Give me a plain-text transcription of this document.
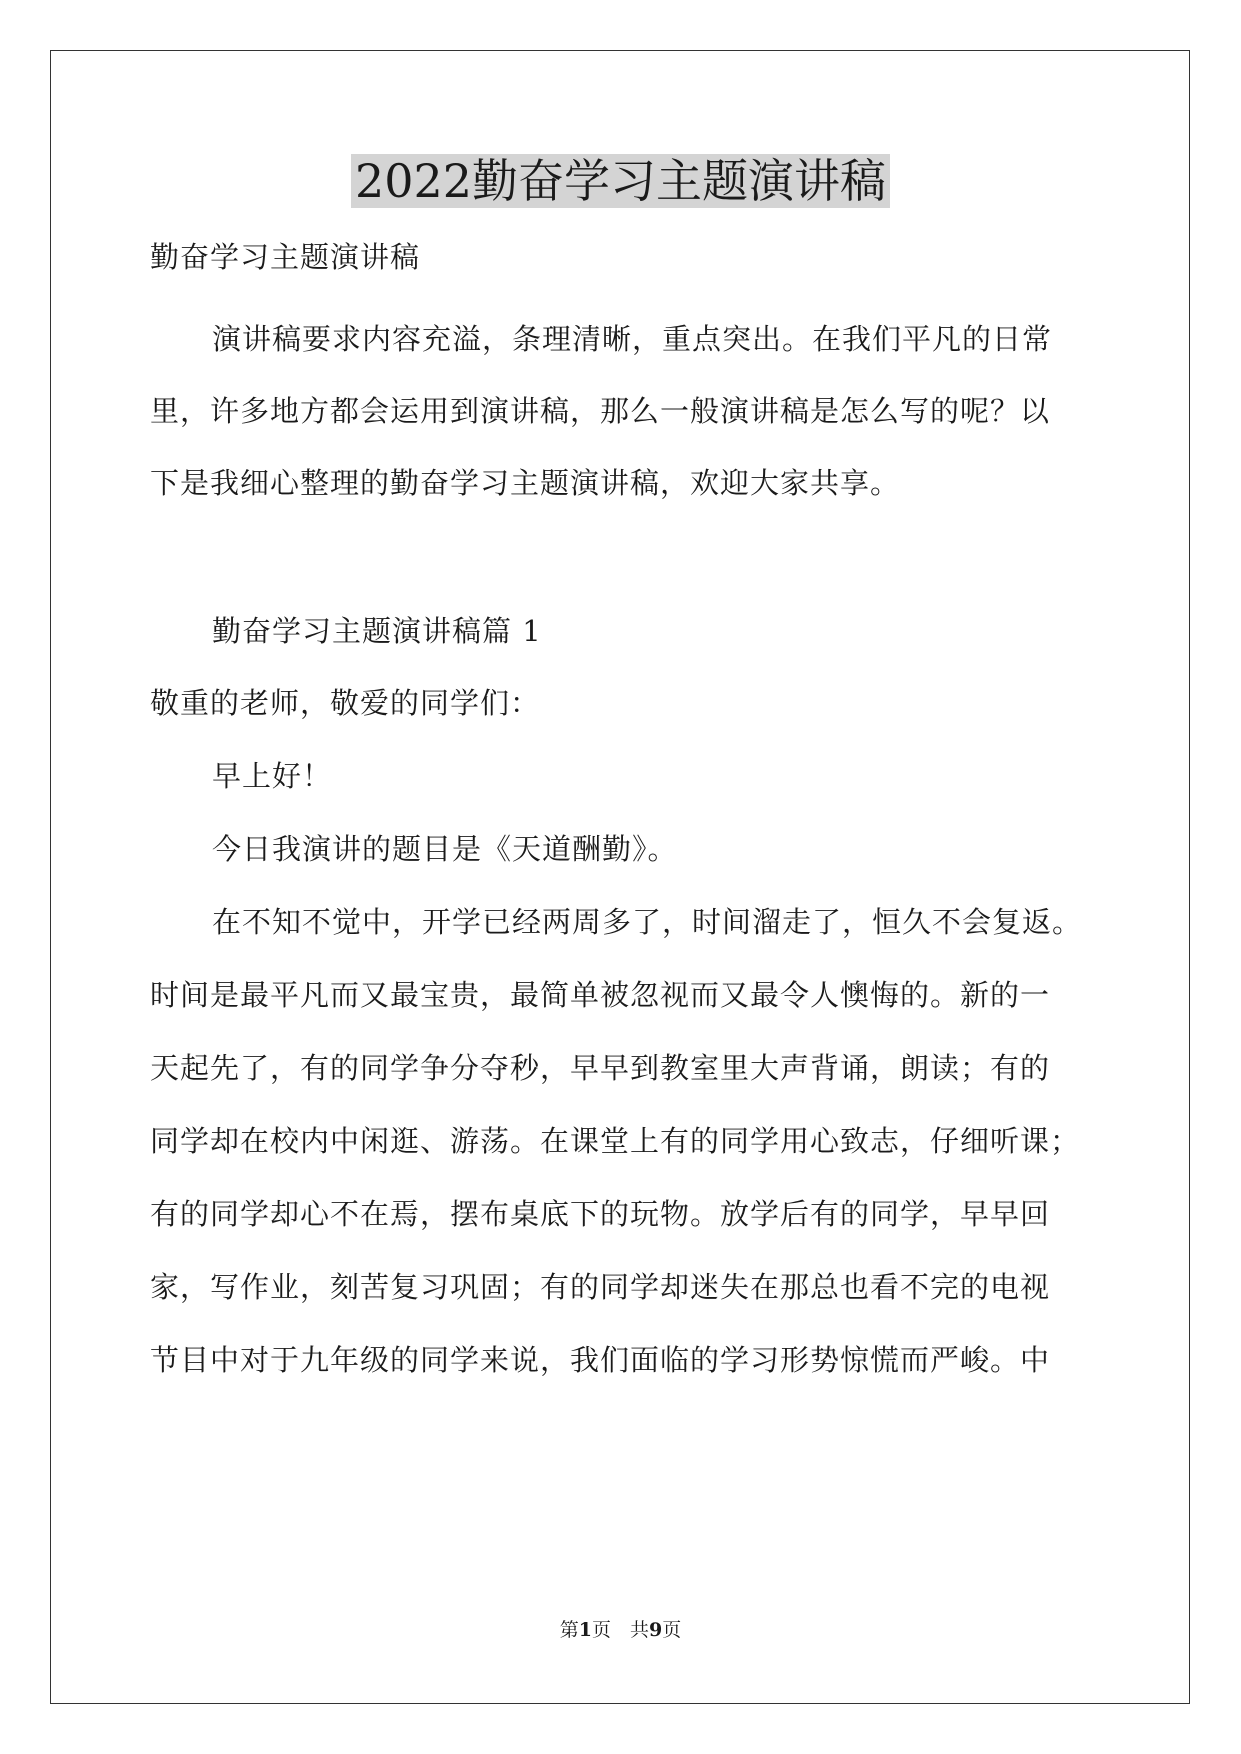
2022勤奋学习主题演讲稿

勤奋学习主题演讲稿

演讲稿要求内容充溢，条理清晰，重点突出。在我们平凡的日常

里，许多地方都会运用到演讲稿，那么一般演讲稿是怎么写的呢？以

下是我细心整理的勤奋学习主题演讲稿，欢迎大家共享。

勤奋学习主题演讲稿篇 1

敬重的老师，敬爱的同学们：

早上好！

今日我演讲的题目是《天道酬勤》。

在不知不觉中，开学已经两周多了，时间溜走了，恒久不会复返。

时间是最平凡而又最宝贵，最简单被忽视而又最令人懊悔的。新的一

天起先了，有的同学争分夺秒，早早到教室里大声背诵，朗读；有的

同学却在校内中闲逛、游荡。在课堂上有的同学用心致志，仔细听课；

有的同学却心不在焉，摆布桌底下的玩物。放学后有的同学，早早回

家，写作业，刻苦复习巩固；有的同学却迷失在那总也看不完的电视

节目中对于九年级的同学来说，我们面临的学习形势惊慌而严峻。中

第1页　共9页
